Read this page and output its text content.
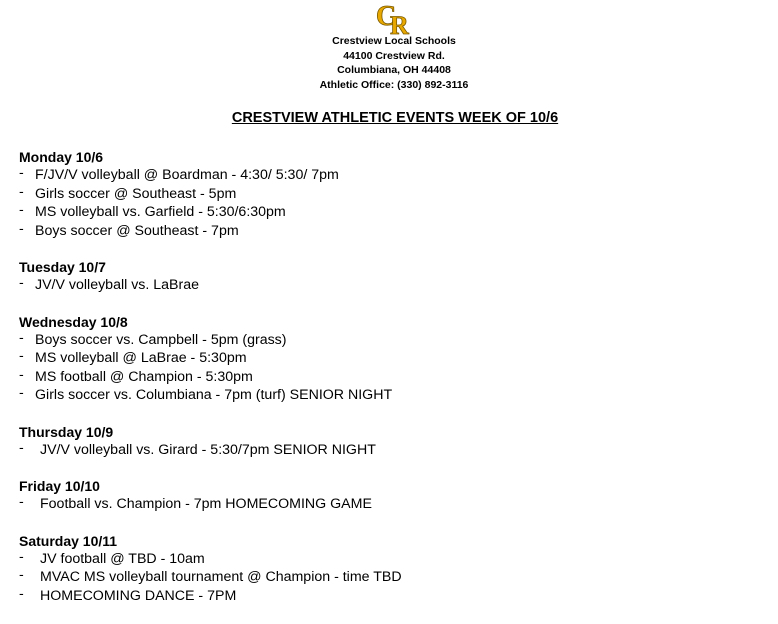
C
R
Crestview Local Schools
44100 Crestview Rd.
Columbiana, OH 44408
Athletic Office: (330) 892-3116
CRESTVIEW ATHLETIC EVENTS WEEK OF 10/6
Monday 10/6
- F/JV/V volleyball @ Boardman - 4:30/ 5:30/ 7pm
- Girls soccer @ Southeast - 5pm
- MS volleyball vs. Garfield - 5:30/6:30pm
- Boys soccer @ Southeast - 7pm
Tuesday 10/7
- JV/V volleyball vs. LaBrae
Wednesday 10/8
- Boys soccer vs. Campbell - 5pm (grass)
- MS volleyball @ LaBrae - 5:30pm
- MS football @ Champion - 5:30pm
- Girls soccer vs. Columbiana - 7pm (turf) SENIOR NIGHT
Thursday 10/9
-	JV/V volleyball vs. Girard - 5:30/7pm SENIOR NIGHT
Friday 10/10
-	Football vs. Champion - 7pm HOMECOMING GAME
Saturday 10/11
-	JV football @ TBD - 10am
-	MVAC MS volleyball tournament @ Champion - time TBD
-	HOMECOMING DANCE - 7PM
